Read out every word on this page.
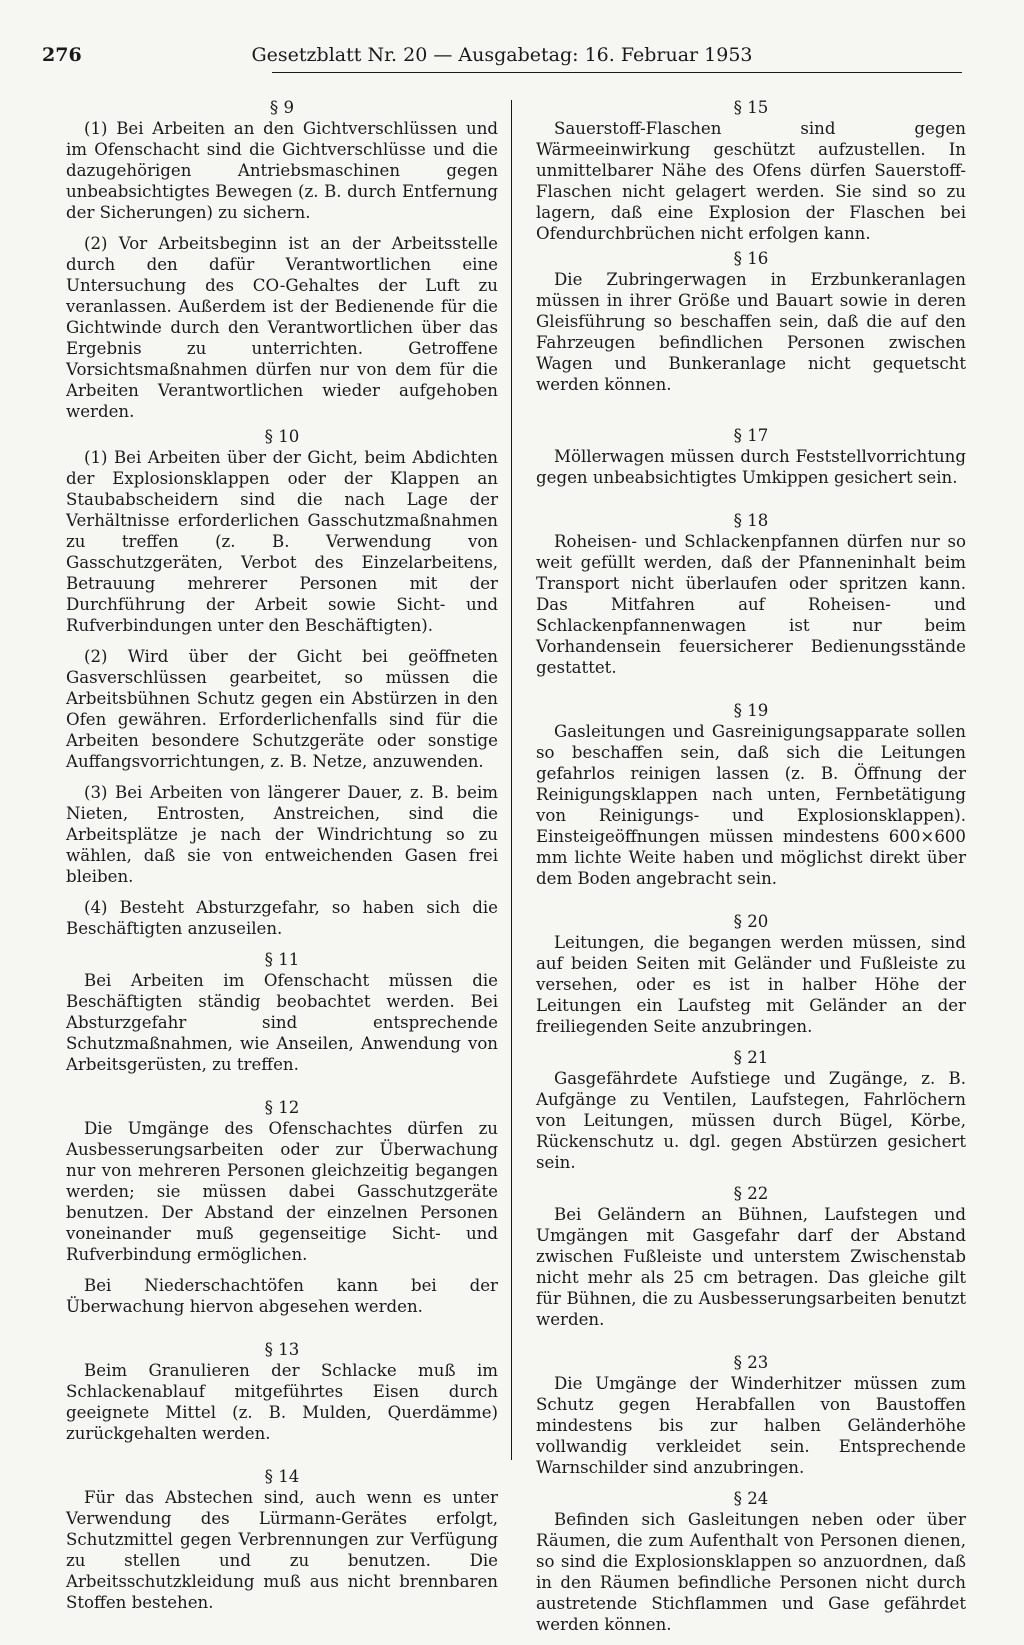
276	Gesetzblatt Nr. 20 — Ausgabetag: 16. Februar 1953
§ 9

(1) Bei Arbeiten an den Gichtverschlüssen und im Ofenschacht sind die Gichtverschlüsse und die dazugehörigen Antriebsmaschinen gegen unbeabsichtigtes Bewegen (z. B. durch Entfernung der Sicherungen) zu sichern.

(2) Vor Arbeitsbeginn ist an der Arbeitsstelle durch den dafür Verantwortlichen eine Untersuchung des CO-Gehaltes der Luft zu veranlassen. Außerdem ist der Bedienende für die Gichtwinde durch den Verantwortlichen über das Ergebnis zu unterrichten. Getroffene Vorsichtsmaßnahmen dürfen nur von dem für die Arbeiten Verantwortlichen wieder aufgehoben werden.

§ 10

(1) Bei Arbeiten über der Gicht, beim Abdichten der Explosionsklappen oder der Klappen an Staubabscheidern sind die nach Lage der Verhältnisse erforderlichen Gasschutzmaßnahmen zu treffen (z. B. Verwendung von Gasschutzgeräten, Verbot des Einzelarbeitens, Betrauung mehrerer Personen mit der Durchführung der Arbeit sowie Sicht- und Rufverbindungen unter den Beschäftigten).

(2) Wird über der Gicht bei geöffneten Gasverschlüssen gearbeitet, so müssen die Arbeitsbühnen Schutz gegen ein Abstürzen in den Ofen gewähren. Erforderlichenfalls sind für die Arbeiten besondere Schutzgeräte oder sonstige Auffangsvorrichtungen, z. B. Netze, anzuwenden.

(3) Bei Arbeiten von längerer Dauer, z. B. beim Nieten, Entrosten, Anstreichen, sind die Arbeitsplätze je nach der Windrichtung so zu wählen, daß sie von entweichenden Gasen frei bleiben.

(4) Besteht Absturzgefahr, so haben sich die Beschäftigten anzuseilen.

§ 11

Bei Arbeiten im Ofenschacht müssen die Beschäftigten ständig beobachtet werden. Bei Absturzgefahr sind entsprechende Schutzmaßnahmen, wie Anseilen, Anwendung von Arbeitsgerüsten, zu treffen.

§ 12

Die Umgänge des Ofenschachtes dürfen zu Ausbesserungsarbeiten oder zur Überwachung nur von mehreren Personen gleichzeitig begangen werden; sie müssen dabei Gasschutzgeräte benutzen. Der Abstand der einzelnen Personen voneinander muß gegenseitige Sicht- und Rufverbindung ermöglichen.

Bei Niederschachtöfen kann bei der Überwachung hiervon abgesehen werden.

§ 13

Beim Granulieren der Schlacke muß im Schlackenablauf mitgeführtes Eisen durch geeignete Mittel (z. B. Mulden, Querdämme) zurückgehalten werden.

§ 14

Für das Abstechen sind, auch wenn es unter Verwendung des Lürmann-Gerätes erfolgt, Schutzmittel gegen Verbrennungen zur Verfügung zu stellen und zu benutzen. Die Arbeitsschutzkleidung muß aus nicht brennbaren Stoffen bestehen.

§ 15

Sauerstoff-Flaschen sind gegen Wärmeeinwirkung geschützt aufzustellen. In unmittelbarer Nähe des Ofens dürfen Sauerstoff-Flaschen nicht gelagert werden. Sie sind so zu lagern, daß eine Explosion der Flaschen bei Ofendurchbrüchen nicht erfolgen kann.

§ 16

Die Zubringerwagen in Erzbunkeranlagen müssen in ihrer Größe und Bauart sowie in deren Gleisführung so beschaffen sein, daß die auf den Fahrzeugen befindlichen Personen zwischen Wagen und Bunkeranlage nicht gequetscht werden können.

§ 17

Möllerwagen müssen durch Feststellvorrichtung gegen unbeabsichtigtes Umkippen gesichert sein.

§ 18

Roheisen- und Schlackenpfannen dürfen nur so weit gefüllt werden, daß der Pfanneninhalt beim Transport nicht überlaufen oder spritzen kann. Das Mitfahren auf Roheisen- und Schlackenpfannenwagen ist nur beim Vorhandensein feuersicherer Bedienungsstände gestattet.

§ 19

Gasleitungen und Gasreinigungsapparate sollen so beschaffen sein, daß sich die Leitungen gefahrlos reinigen lassen (z. B. Öffnung der Reinigungsklappen nach unten, Fernbetätigung von Reinigungs- und Explosionsklappen). Einsteigeöffnungen müssen mindestens 600×600 mm lichte Weite haben und möglichst direkt über dem Boden angebracht sein.

§ 20

Leitungen, die begangen werden müssen, sind auf beiden Seiten mit Geländer und Fußleiste zu versehen, oder es ist in halber Höhe der Leitungen ein Laufsteg mit Geländer an der freiliegenden Seite anzubringen.

§ 21

Gasgefährdete Aufstiege und Zugänge, z. B. Aufgänge zu Ventilen, Laufstegen, Fahrlöchern von Leitungen, müssen durch Bügel, Körbe, Rückenschutz u. dgl. gegen Abstürzen gesichert sein.

§ 22

Bei Geländern an Bühnen, Laufstegen und Umgängen mit Gasgefahr darf der Abstand zwischen Fußleiste und unterstem Zwischenstab nicht mehr als 25 cm betragen. Das gleiche gilt für Bühnen, die zu Ausbesserungsarbeiten benutzt werden.

§ 23

Die Umgänge der Winderhitzer müssen zum Schutz gegen Herabfallen von Baustoffen mindestens bis zur halben Geländerhöhe vollwandig verkleidet sein. Entsprechende Warnschilder sind anzubringen.

§ 24

Befinden sich Gasleitungen neben oder über Räumen, die zum Aufenthalt von Personen dienen, so sind die Explosionsklappen so anzuordnen, daß in den Räumen befindliche Personen nicht durch austretende Stichflammen und Gase gefährdet werden können.
